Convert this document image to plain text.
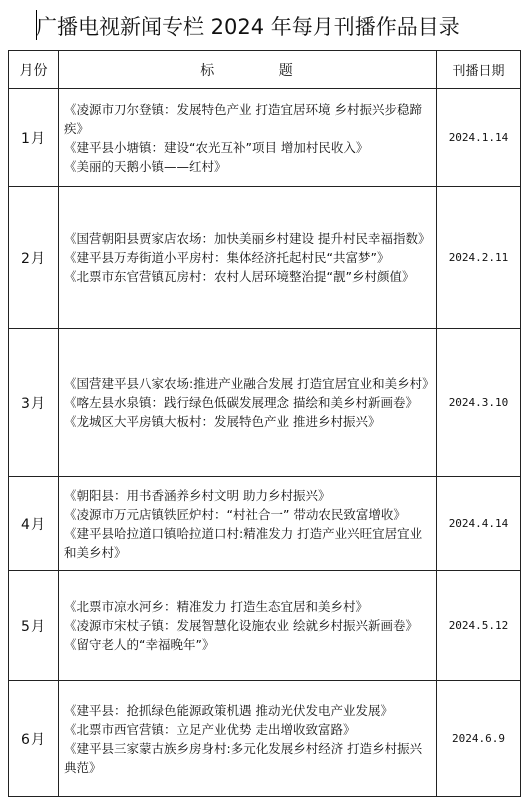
广播电视新闻专栏 2024 年每月刊播作品目录
月份	标 题	刊播日期
1月	《凌源市刀尔登镇：发展特色产业 打造宜居环境 乡村振兴步稳蹄疾》
《建平县小塘镇：建设“农光互补”项目 增加村民收入》
《美丽的天鹅小镇——红村》	2024.1.14
2月	《国营朝阳县贾家店农场：加快美丽乡村建设 提升村民幸福指数》
《建平县万寿街道小平房村：集体经济托起村民“共富梦”》
《北票市东官营镇瓦房村：农村人居环境整治提“靓”乡村颜值》	2024.2.11
3月	《国营建平县八家农场:推进产业融合发展 打造宜居宜业和美乡村》
《喀左县水泉镇：践行绿色低碳发展理念 描绘和美乡村新画卷》
《龙城区大平房镇大板村：发展特色产业 推进乡村振兴》	2024.3.10
4月	《朝阳县：用书香涵养乡村文明 助力乡村振兴》
《凌源市万元店镇铁匠炉村：“村社合一” 带动农民致富增收》
《建平县哈拉道口镇哈拉道口村:精准发力 打造产业兴旺宜居宜业和美乡村》	2024.4.14
5月	《北票市凉水河乡：精准发力 打造生态宜居和美乡村》
《凌源市宋杖子镇：发展智慧化设施农业 绘就乡村振兴新画卷》
《留守老人的“幸福晚年”》	2024.5.12
6月	《建平县：抢抓绿色能源政策机遇 推动光伏发电产业发展》
《北票市西官营镇：立足产业优势 走出增收致富路》
《建平县三家蒙古族乡房身村:多元化发展乡村经济 打造乡村振兴典范》	2024.6.9
